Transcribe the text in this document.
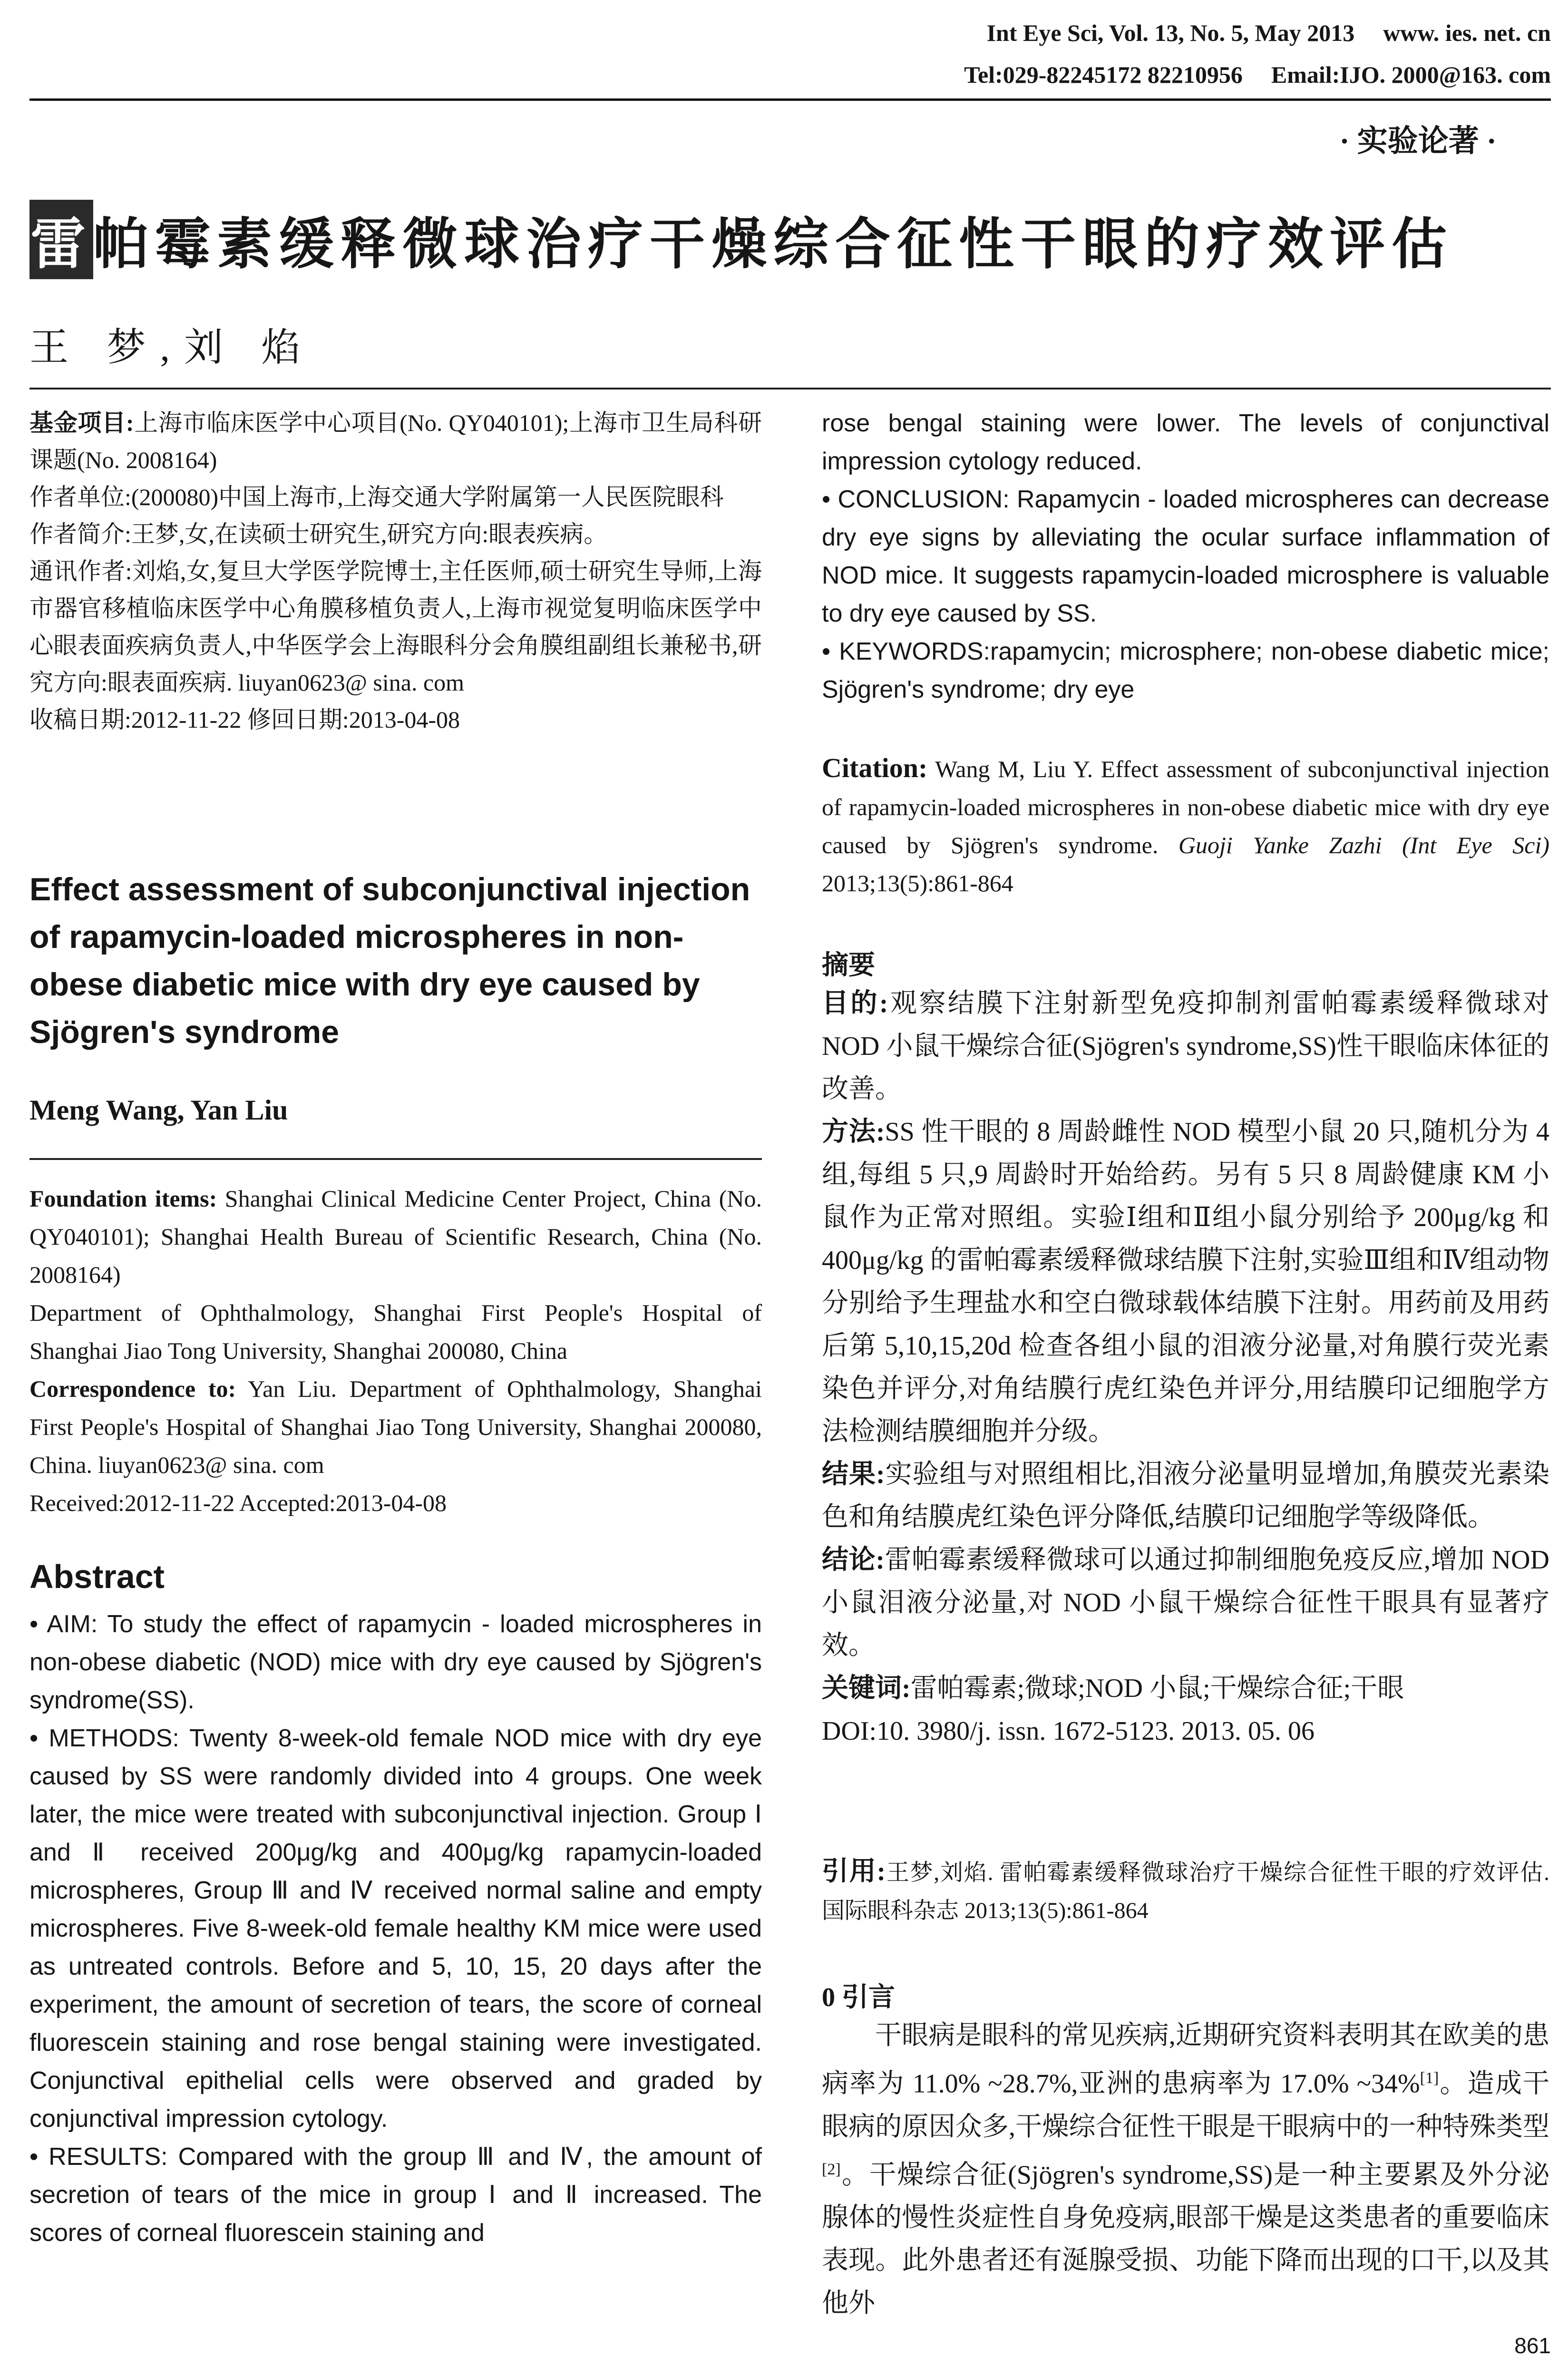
Int Eye Sci, Vol. 13, No. 5, May 2013 www. ies. net. cn
Tel:029-82245172 82210956 Email:IJO. 2000@163. com
· 实验论著 ·
雷帕霉素缓释微球治疗干燥综合征性干眼的疗效评估
王 梦,刘 焰

基金项目:上海市临床医学中心项目(No. QY040101);上海市卫生局科研课题(No. 2008164)

作者单位:(200080)中国上海市,上海交通大学附属第一人民医院眼科

作者简介:王梦,女,在读硕士研究生,研究方向:眼表疾病。

通讯作者:刘焰,女,复旦大学医学院博士,主任医师,硕士研究生导师,上海市器官移植临床医学中心角膜移植负责人,上海市视觉复明临床医学中心眼表面疾病负责人,中华医学会上海眼科分会角膜组副组长兼秘书,研究方向:眼表面疾病. liuyan0623@ sina. com

收稿日期:2012-11-22 修回日期:2013-04-08

Effect assessment of subconjunctival injection of rapamycin-loaded microspheres in non-obese diabetic mice with dry eye caused by Sjögren's syndrome
Meng Wang, Yan Liu

Foundation items: Shanghai Clinical Medicine Center Project, China (No. QY040101); Shanghai Health Bureau of Scientific Research, China (No. 2008164)

Department of Ophthalmology, Shanghai First People's Hospital of Shanghai Jiao Tong University, Shanghai 200080, China

Correspondence to: Yan Liu. Department of Ophthalmology, Shanghai First People's Hospital of Shanghai Jiao Tong University, Shanghai 200080, China. liuyan0623@ sina. com

Received:2012-11-22 Accepted:2013-04-08

Abstract

• AIM: To study the effect of rapamycin - loaded microspheres in non-obese diabetic (NOD) mice with dry eye caused by Sjögren's syndrome(SS).

• METHODS: Twenty 8-week-old female NOD mice with dry eye caused by SS were randomly divided into 4 groups. One week later, the mice were treated with subconjunctival injection. Group Ⅰ and Ⅱ received 200μg/kg and 400μg/kg rapamycin-loaded microspheres, Group Ⅲ and Ⅳ received normal saline and empty microspheres. Five 8-week-old female healthy KM mice were used as untreated controls. Before and 5, 10, 15, 20 days after the experiment, the amount of secretion of tears, the score of corneal fluorescein staining and rose bengal staining were investigated. Conjunctival epithelial cells were observed and graded by conjunctival impression cytology.

• RESULTS: Compared with the group Ⅲ and Ⅳ, the amount of secretion of tears of the mice in group Ⅰ and Ⅱ increased. The scores of corneal fluorescein staining and

rose bengal staining were lower. The levels of conjunctival impression cytology reduced.

• CONCLUSION: Rapamycin - loaded microspheres can decrease dry eye signs by alleviating the ocular surface inflammation of NOD mice. It suggests rapamycin-loaded microsphere is valuable to dry eye caused by SS.

• KEYWORDS:rapamycin; microsphere; non-obese diabetic mice; Sjögren's syndrome; dry eye

Citation: Wang M, Liu Y. Effect assessment of subconjunctival injection of rapamycin-loaded microspheres in non-obese diabetic mice with dry eye caused by Sjögren's syndrome. Guoji Yanke Zazhi (Int Eye Sci) 2013;13(5):861-864

摘要

目的:观察结膜下注射新型免疫抑制剂雷帕霉素缓释微球对 NOD 小鼠干燥综合征(Sjögren's syndrome,SS)性干眼临床体征的改善。

方法:SS 性干眼的 8 周龄雌性 NOD 模型小鼠 20 只,随机分为 4 组,每组 5 只,9 周龄时开始给药。另有 5 只 8 周龄健康 KM 小鼠作为正常对照组。实验Ⅰ组和Ⅱ组小鼠分别给予 200μg/kg 和 400μg/kg 的雷帕霉素缓释微球结膜下注射,实验Ⅲ组和Ⅳ组动物分别给予生理盐水和空白微球载体结膜下注射。用药前及用药后第 5,10,15,20d 检查各组小鼠的泪液分泌量,对角膜行荧光素染色并评分,对角结膜行虎红染色并评分,用结膜印记细胞学方法检测结膜细胞并分级。

结果:实验组与对照组相比,泪液分泌量明显增加,角膜荧光素染色和角结膜虎红染色评分降低,结膜印记细胞学等级降低。

结论:雷帕霉素缓释微球可以通过抑制细胞免疫反应,增加 NOD 小鼠泪液分泌量,对 NOD 小鼠干燥综合征性干眼具有显著疗效。

关键词:雷帕霉素;微球;NOD 小鼠;干燥综合征;干眼

DOI:10. 3980/j. issn. 1672-5123. 2013. 05. 06

引用:王梦,刘焰. 雷帕霉素缓释微球治疗干燥综合征性干眼的疗效评估. 国际眼科杂志 2013;13(5):861-864

0 引言

干眼病是眼科的常见疾病,近期研究资料表明其在欧美的患病率为 11.0% ~28.7%,亚洲的患病率为 17.0% ~34%[1]。造成干眼病的原因众多,干燥综合征性干眼是干眼病中的一种特殊类型[2]。干燥综合征(Sjögren's syndrome,SS)是一种主要累及外分泌腺体的慢性炎症性自身免疫病,眼部干燥是这类患者的重要临床表现。此外患者还有涎腺受损、功能下降而出现的口干,以及其他外

861
